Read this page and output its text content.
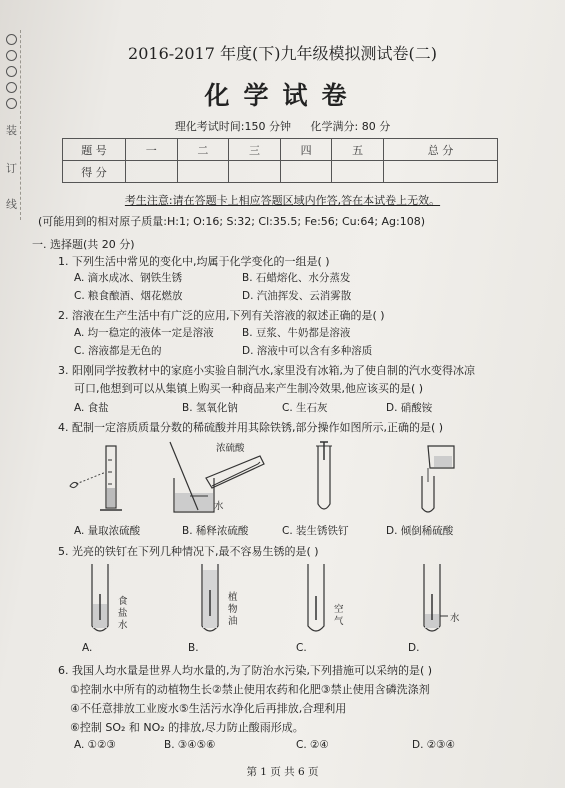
装
订
线
2016-2017 年度(下)九年级模拟测试卷(二)
化学试卷
理化考试时间:150 分钟 化学满分: 80 分
题 号	一	二	三	四	五	总 分
得 分						
考生注意:请在答题卡上相应答题区域内作答,答在本试卷上无效。
(可能用到的相对原子质量:H:1; O:16; S:32; Cl:35.5; Fe:56; Cu:64; Ag:108)
一. 选择题(共 20 分)
1. 下列生活中常见的变化中,均属于化学变化的一组是( )
A. 滴水成冰、钢铁生锈	B. 石蜡熔化、水分蒸发
C. 粮食酿酒、烟花燃放	D. 汽油挥发、云消雾散
2. 溶液在生产生活中有广泛的应用,下列有关溶液的叙述正确的是( )
A. 均一稳定的液体一定是溶液	B. 豆浆、牛奶都是溶液
C. 溶液都是无色的	D. 溶液中可以含有多种溶质
3. 阳刚同学按教材中的家庭小实验自制汽水,家里没有冰箱,为了使自制的汽水变得冰凉
可口,他想到可以从集镇上购买一种商品来产生制冷效果,他应该买的是( )
A. 食盐	B. 氢氧化钠	C. 生石灰	D. 硝酸铵
4. 配制一定溶质质量分数的稀硫酸并用其除铁锈,部分操作如图所示,正确的是( )
浓硫酸
水
A. 量取浓硫酸	B. 稀释浓硫酸	C. 装生锈铁钉	D. 倾倒稀硫酸
5. 光亮的铁钉在下列几种情况下,最不容易生锈的是( )
食
盐
水
植
物
油
空
气	水
A.	B.	C.	D.
6. 我国人均水量是世界人均水量的,为了防治水污染,下列措施可以采纳的是( )
①控制水中所有的动植物生长②禁止使用农药和化肥③禁止使用含磷洗涤剂
④不任意排放工业废水⑤生活污水净化后再排放,合理利用
⑥控制 SO₂ 和 NO₂ 的排放,尽力防止酸雨形成。
A. ①②③	B. ③④⑤⑥	C. ②④	D. ②③④
第 1 页 共 6 页
